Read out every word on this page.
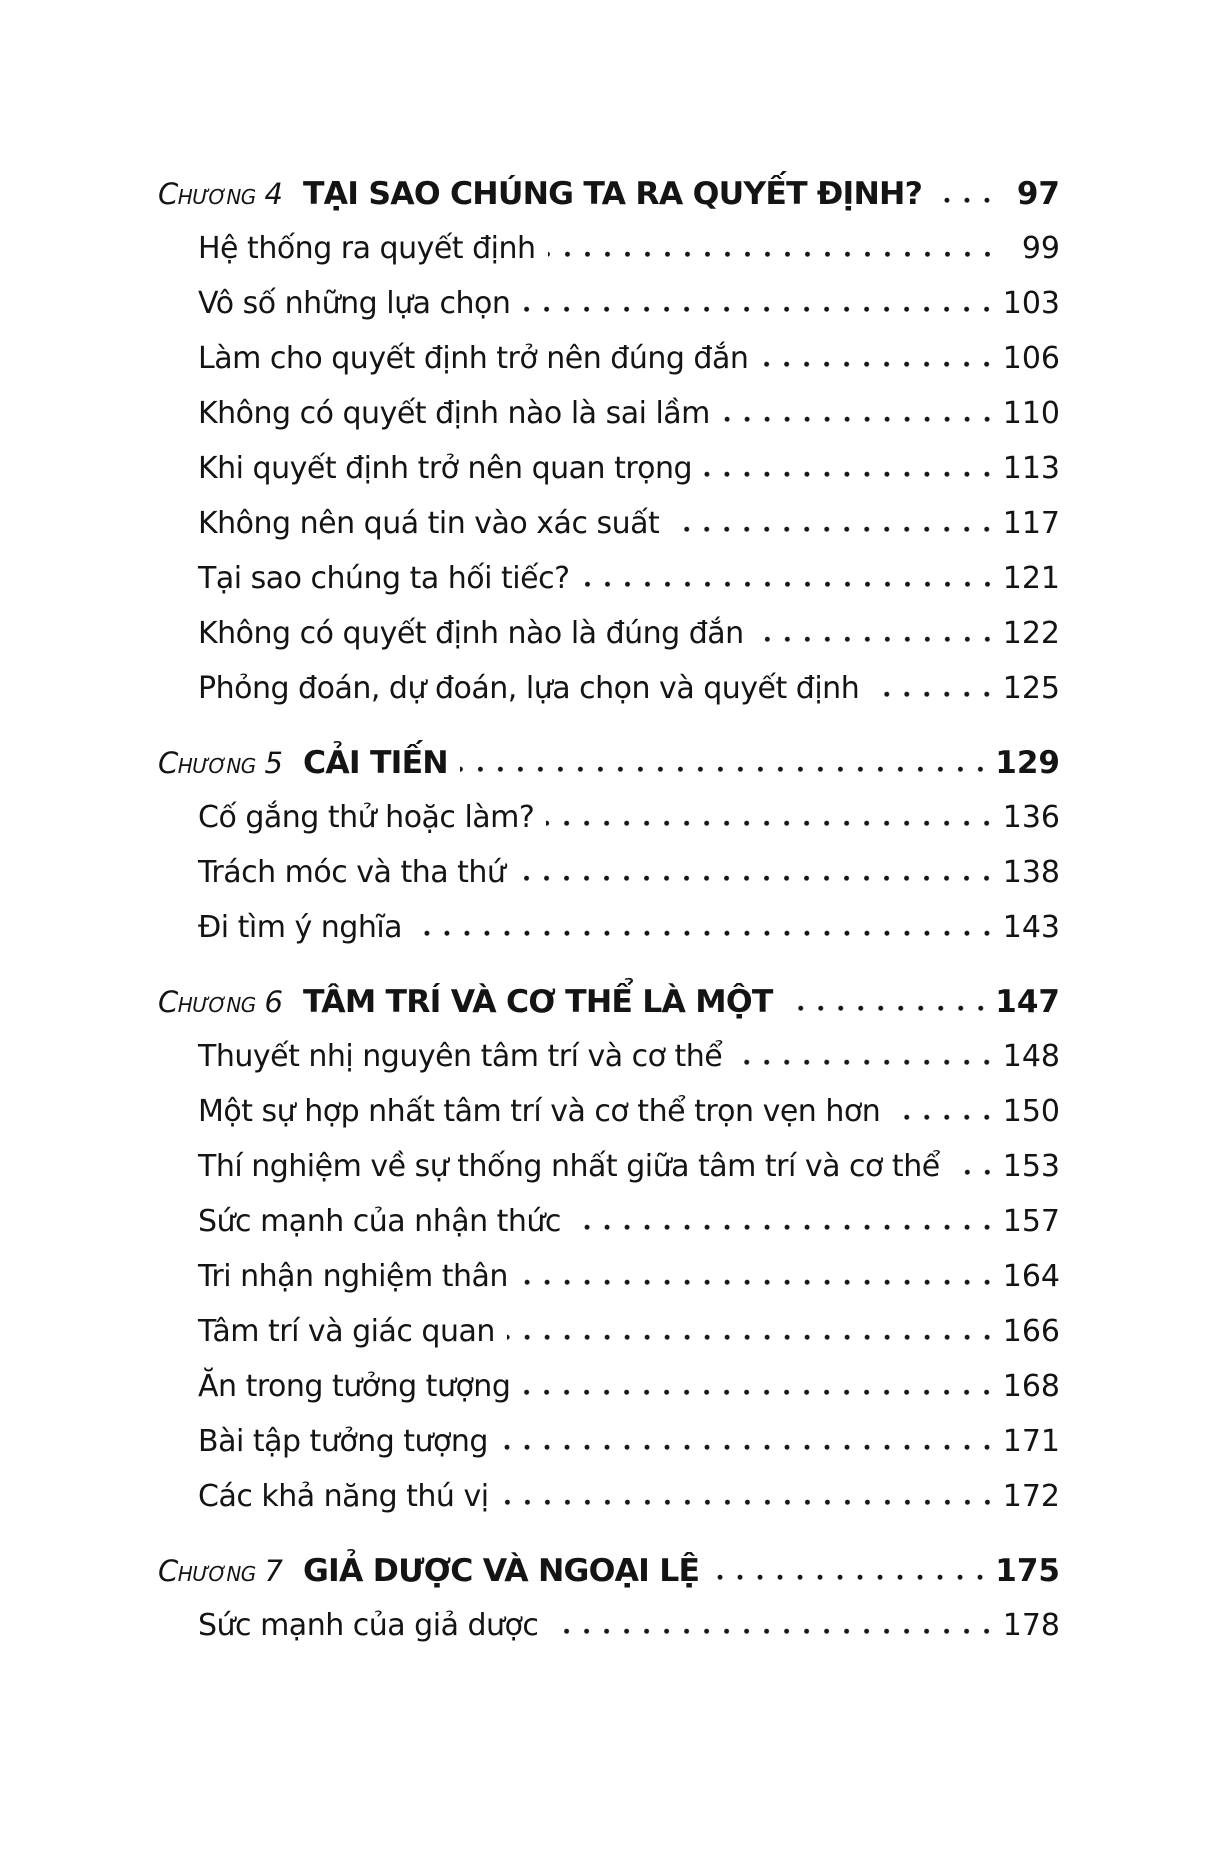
Chương 4 TẠI SAO CHÚNG TA RA QUYẾT ĐỊNH?	97
Hệ thống ra quyết định	99
Vô số những lựa chọn	103
Làm cho quyết định trở nên đúng đắn	106
Không có quyết định nào là sai lầm	110
Khi quyết định trở nên quan trọng	113
Không nên quá tin vào xác suất	117
Tại sao chúng ta hối tiếc?	121
Không có quyết định nào là đúng đắn	122
Phỏng đoán, dự đoán, lựa chọn và quyết định	125
Chương 5 CẢI TIẾN	129
Cố gắng thử hoặc làm?	136
Trách móc và tha thứ	138
Đi tìm ý nghĩa	143
Chương 6 TÂM TRÍ VÀ CƠ THỂ LÀ MỘT	147
Thuyết nhị nguyên tâm trí và cơ thể	148
Một sự hợp nhất tâm trí và cơ thể trọn vẹn hơn	150
Thí nghiệm về sự thống nhất giữa tâm trí và cơ thể 153
Sức mạnh của nhận thức	157
Tri nhận nghiệm thân	164
Tâm trí và giác quan	166
Ăn trong tưởng tượng	168
Bài tập tưởng tượng	171
Các khả năng thú vị	172
Chương 7 GIẢ DƯỢC VÀ NGOẠI LỆ	175
Sức mạnh của giả dược	178
